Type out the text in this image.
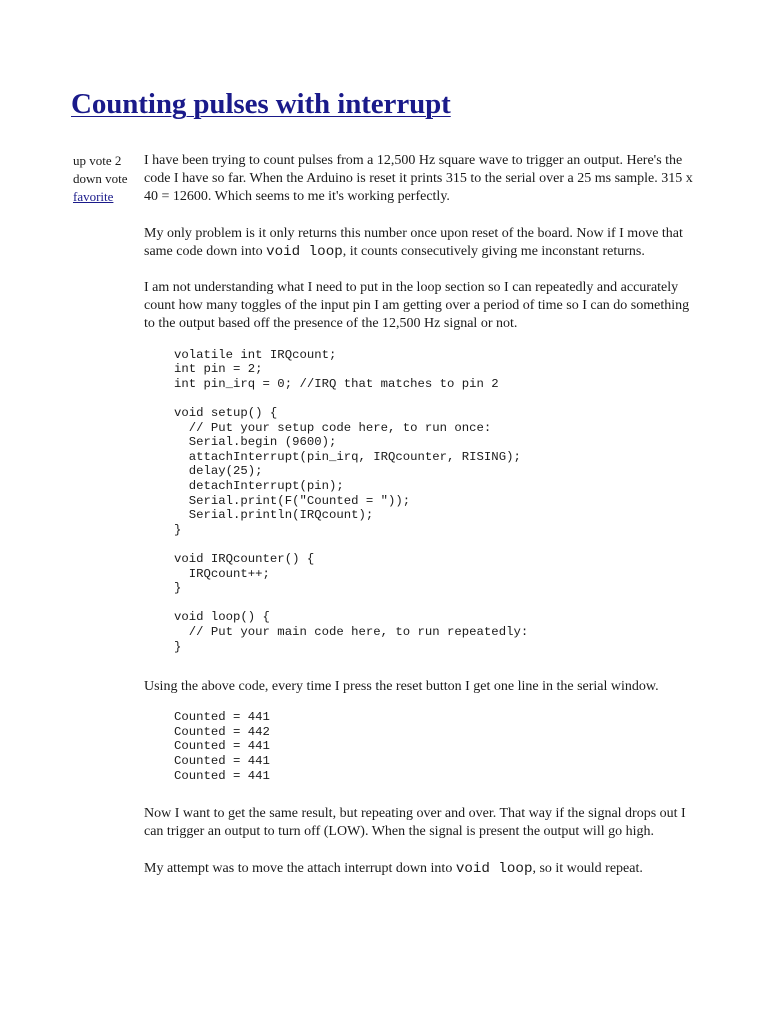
Counting pulses with interrupt
up vote 2
down vote
favorite

I have been trying to count pulses from a 12,500 Hz square wave to trigger an output. Here's the code I have so far. When the Arduino is reset it prints 315 to the serial over a 25 ms sample. 315 x 40 = 12600. Which seems to me it's working perfectly.

My only problem is it only returns this number once upon reset of the board. Now if I move that same code down into void loop, it counts consecutively giving me inconstant returns.

I am not understanding what I need to put in the loop section so I can repeatedly and accurately count how many toggles of the input pin I am getting over a period of time so I can do something to the output based off the presence of the 12,500 Hz signal or not.

volatile int IRQcount;
int pin = 2;
int pin_irq = 0; //IRQ that matches to pin 2

void setup() {
// Put your setup code here, to run once:
Serial.begin (9600);
attachInterrupt(pin_irq, IRQcounter, RISING);
delay(25);
detachInterrupt(pin);
Serial.print(F("Counted = "));
Serial.println(IRQcount);
}

void IRQcounter() {
IRQcount++;
}

void loop() {
// Put your main code here, to run repeatedly:
}

Using the above code, every time I press the reset button I get one line in the serial window.

Counted = 441
Counted = 442
Counted = 441
Counted = 441
Counted = 441

Now I want to get the same result, but repeating over and over. That way if the signal drops out I can trigger an output to turn off (LOW). When the signal is present the output will go high.

My attempt was to move the attach interrupt down into void loop, so it would repeat.
